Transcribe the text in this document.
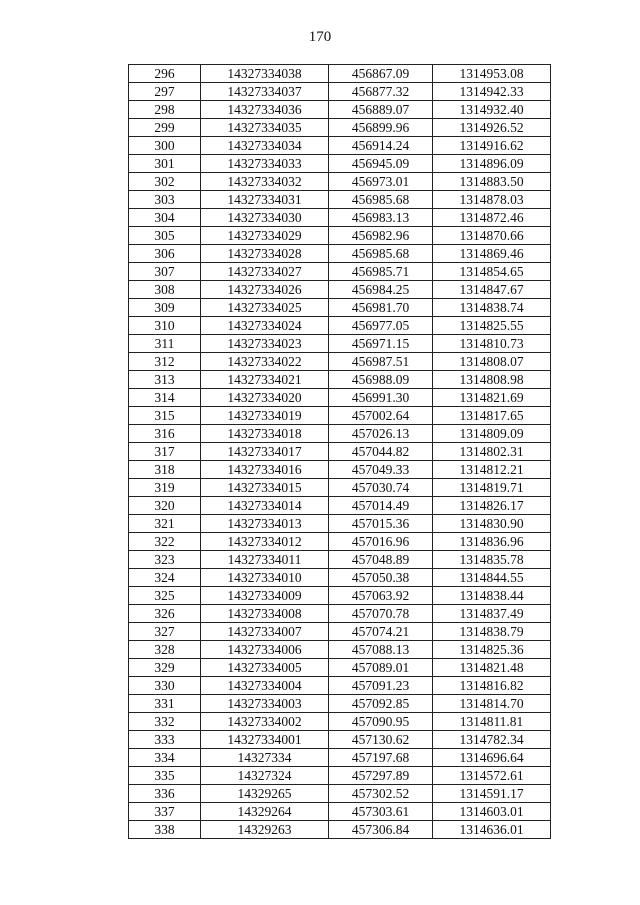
170
296	14327334038	456867.09	1314953.08
297	14327334037	456877.32	1314942.33
298	14327334036	456889.07	1314932.40
299	14327334035	456899.96	1314926.52
300	14327334034	456914.24	1314916.62
301	14327334033	456945.09	1314896.09
302	14327334032	456973.01	1314883.50
303	14327334031	456985.68	1314878.03
304	14327334030	456983.13	1314872.46
305	14327334029	456982.96	1314870.66
306	14327334028	456985.68	1314869.46
307	14327334027	456985.71	1314854.65
308	14327334026	456984.25	1314847.67
309	14327334025	456981.70	1314838.74
310	14327334024	456977.05	1314825.55
311	14327334023	456971.15	1314810.73
312	14327334022	456987.51	1314808.07
313	14327334021	456988.09	1314808.98
314	14327334020	456991.30	1314821.69
315	14327334019	457002.64	1314817.65
316	14327334018	457026.13	1314809.09
317	14327334017	457044.82	1314802.31
318	14327334016	457049.33	1314812.21
319	14327334015	457030.74	1314819.71
320	14327334014	457014.49	1314826.17
321	14327334013	457015.36	1314830.90
322	14327334012	457016.96	1314836.96
323	14327334011	457048.89	1314835.78
324	14327334010	457050.38	1314844.55
325	14327334009	457063.92	1314838.44
326	14327334008	457070.78	1314837.49
327	14327334007	457074.21	1314838.79
328	14327334006	457088.13	1314825.36
329	14327334005	457089.01	1314821.48
330	14327334004	457091.23	1314816.82
331	14327334003	457092.85	1314814.70
332	14327334002	457090.95	1314811.81
333	14327334001	457130.62	1314782.34
334	14327334	457197.68	1314696.64
335	14327324	457297.89	1314572.61
336	14329265	457302.52	1314591.17
337	14329264	457303.61	1314603.01
338	14329263	457306.84	1314636.01
